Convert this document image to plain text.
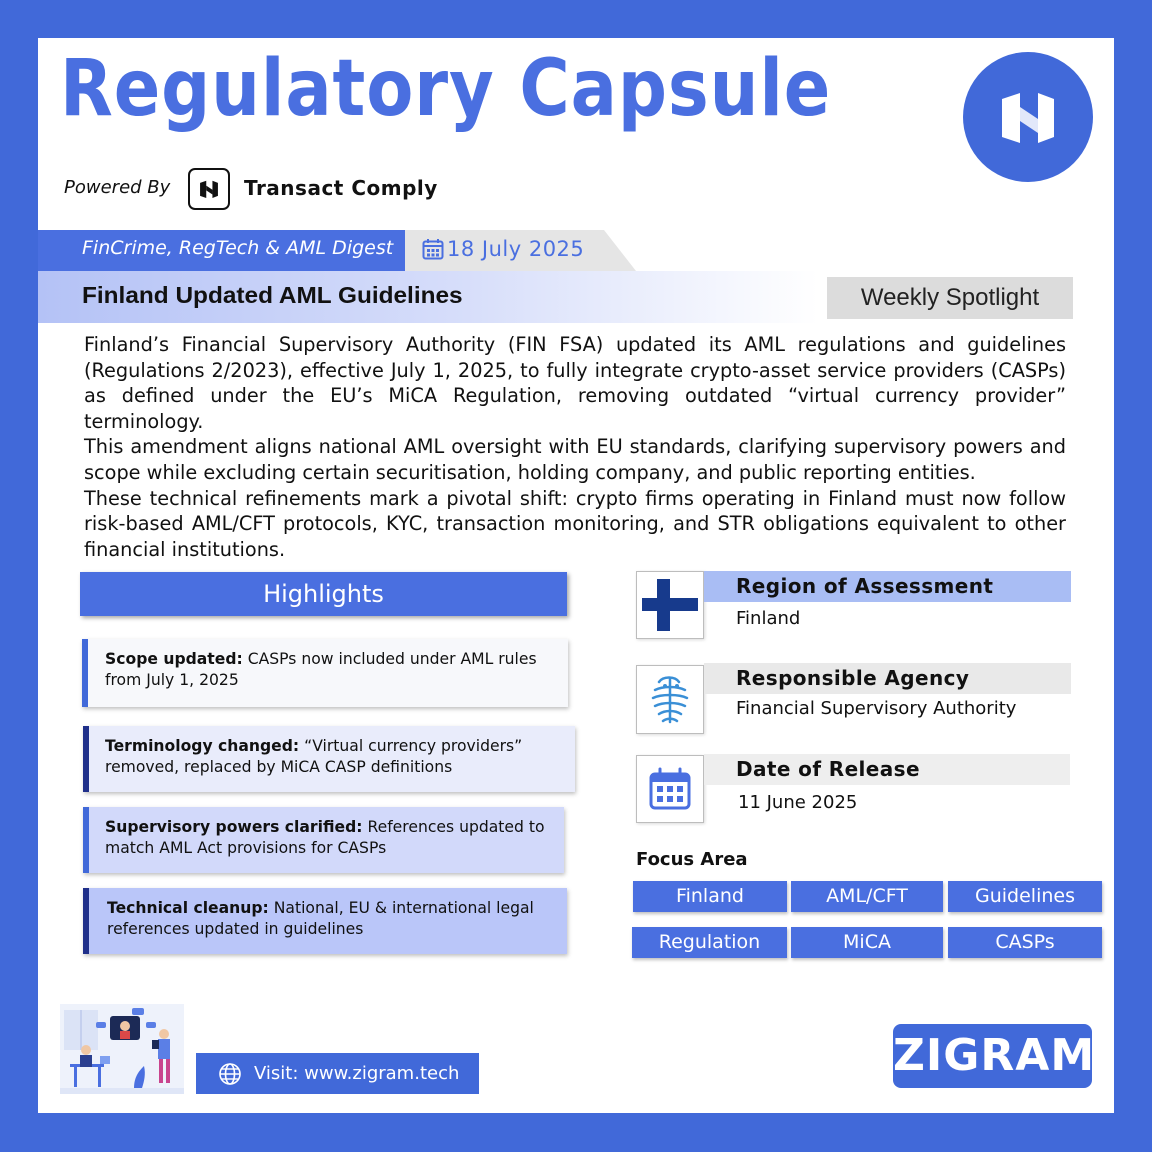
Regulatory Capsule
Powered By	Transact Comply
FinCrime, RegTech & AML Digest	18 July 2025
Finland Updated AML Guidelines	Weekly Spotlight

Finland’s Financial Supervisory Authority (FIN FSA) updated its AML regulations and guidelines (Regulations 2/2023), effective July 1, 2025, to fully integrate crypto-asset service providers (CASPs) as defined under the EU’s MiCA Regulation, removing outdated “virtual currency provider” terminology.

This amendment aligns national AML oversight with EU standards, clarifying supervisory powers and scope while excluding certain securitisation, holding company, and public reporting entities.

These technical refinements mark a pivotal shift: crypto firms operating in Finland must now follow risk-based AML/CFT protocols, KYC, transaction monitoring, and STR obligations equivalent to other financial institutions.

Highlights
Scope updated: CASPs now included under AML rules from July 1, 2025
Terminology changed: “Virtual currency providers” removed, replaced by MiCA CASP definitions
Supervisory powers clarified: References updated to match AML Act provisions for CASPs
Technical cleanup: National, EU & international legal references updated in guidelines
Region of Assessment
Finland
Responsible Agency
Financial Supervisory Authority
Date of Release
11 June 2025
Focus Area
Finland	AML/CFT	Guidelines
Regulation	MiCA	CASPs
Visit: www.zigram.tech	ZIGRAM
